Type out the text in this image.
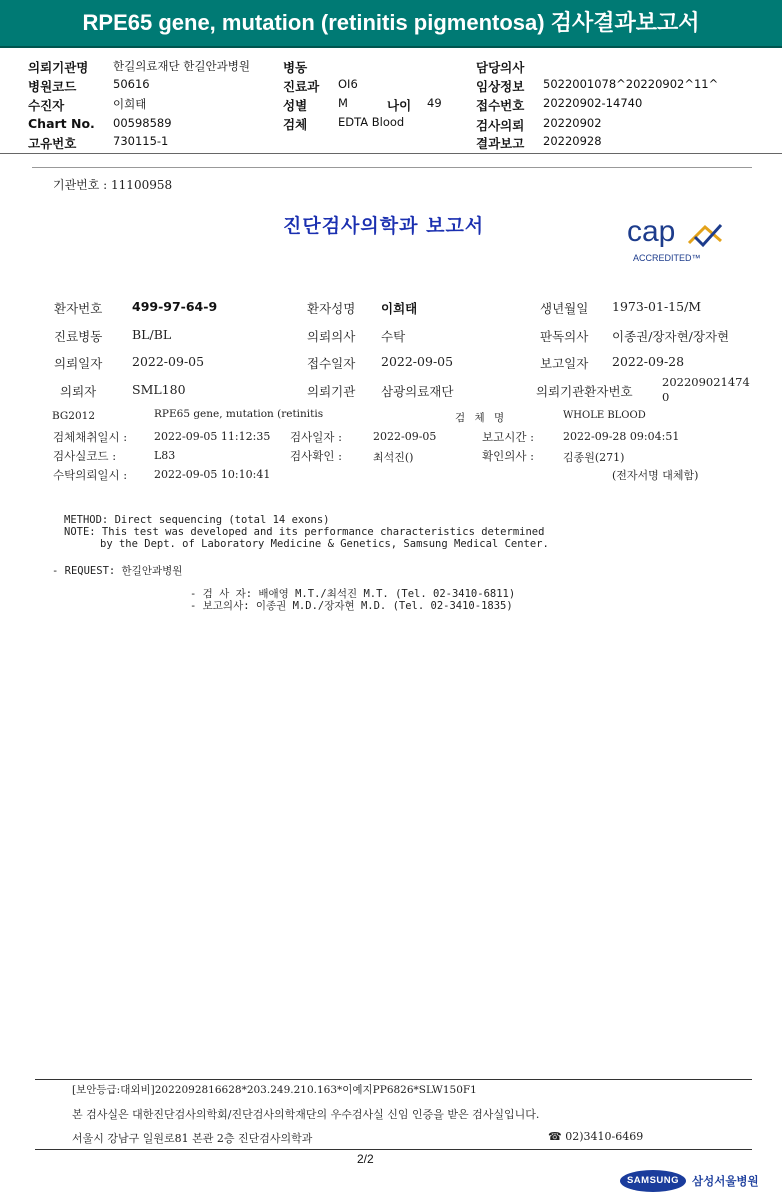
RPE65 gene, mutation (retinitis pigmentosa) 검사결과보고서
의뢰기관명 한길의료재단 한길안과병원
병원코드	50616
수진자	이희태
Chart No. 00598589
고유번호	730115-1
병동
진료과 OI6
성별	M	나이 49
검체	EDTA Blood
담당의사
임상정보 5022001078^20220902^11^
접수번호 20220902-14740
검사의뢰 20220902
결과보고 20220928
기관번호 : 11100958
진단검사의학과 보고서	cap
ACCREDITED™
환자번호 499-97-64-9	환자성명 이희태	생년월일 1973-01-15/M
진료병동 BL/BL	의뢰의사 수탁	판독의사 이종권/장자현/장자현
의뢰일자 2022-09-05	접수일자 2022-09-05	보고일자 2022-09-28
의뢰자	SML180	의뢰기관 삼광의료재단	의뢰기관환자번호
202209021474
0
BG2012	RPE65 gene, mutation (retinitis	검 체 명	WHOLE BLOOD
검체채취일시 : 2022-09-05 11:12:35 검사일자 :	2022-09-05	보고시간 :	2022-09-28 09:04:51
검사실코드 :	L83	검사확인 :	최석진()	확인의사 :	김종원(271)
수탁의뢰일시 : 2022-09-05 10:10:41	(전자서명 대체함)
METHOD: Direct sequencing (total 14 exons)
NOTE: This test was developed and its performance characteristics determined
by the Dept. of Laboratory Medicine & Genetics, Samsung Medical Center.
- REQUEST: 한길안과병원
- 검 사 자: 배애영 M.T./최석진 M.T. (Tel. 02-3410-6811)
- 보고의사: 이종권 M.D./장자현 M.D. (Tel. 02-3410-1835)
[보안등급:대외비]2022092816628*203.249.210.163*이예지PP6826*SLW150F1
본 검사실은 대한진단검사의학회/진단검사의학재단의 우수검사실 신임 인증을 받은 검사실입니다.
서울시 강남구 일원로81 본관 2층 진단검사의학과	☎ 02)3410-6469
2/2
SAMSUNG	삼성서울병원
